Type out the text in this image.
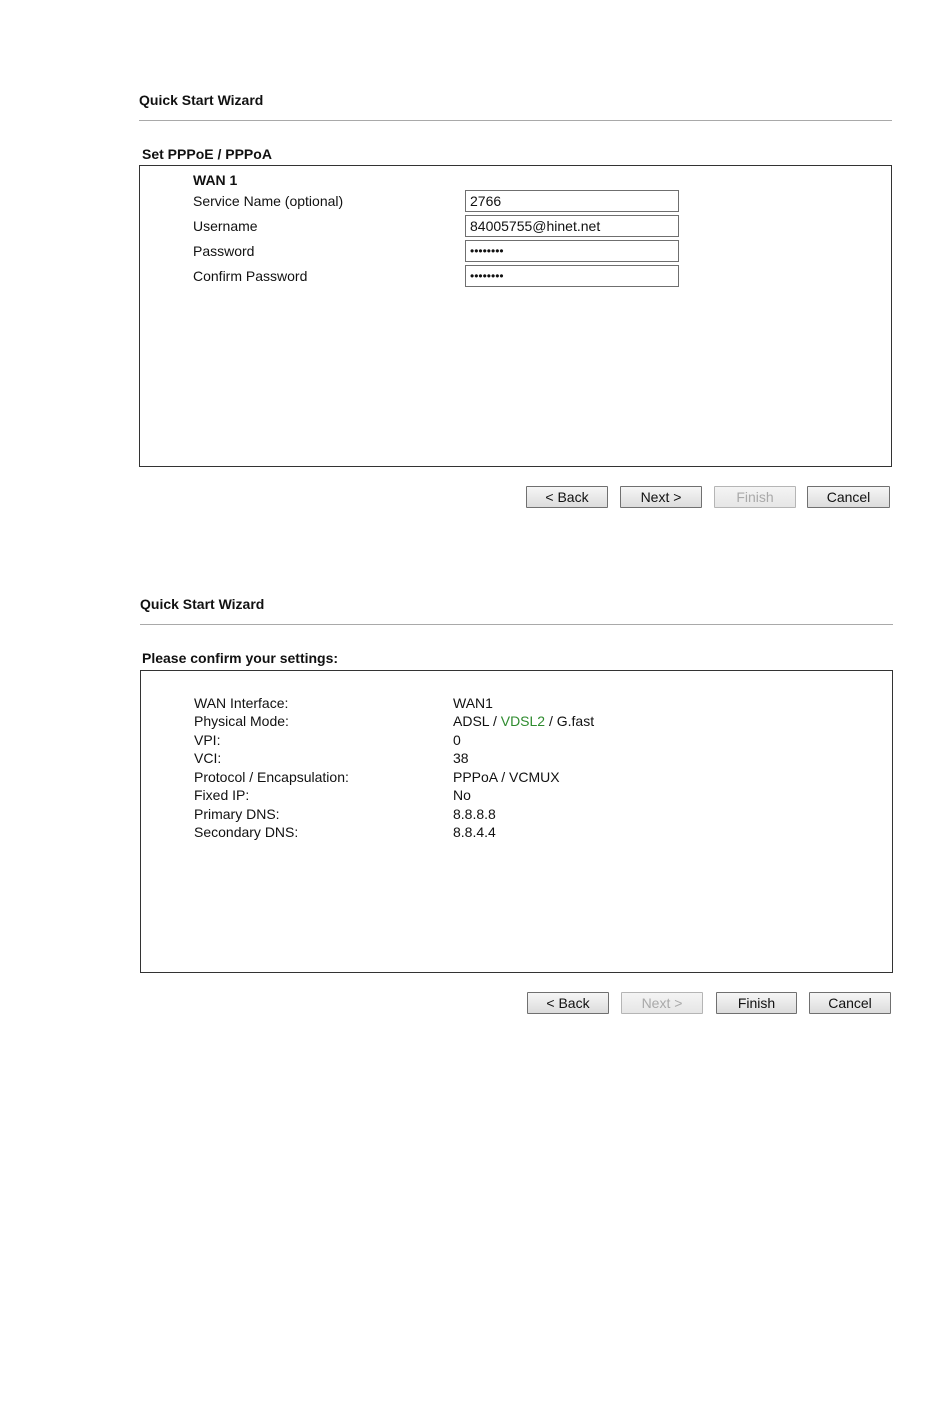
Quick Start Wizard
Set PPPoE / PPPoA
WAN 1
Service Name (optional)	2766
Username	84005755@hinet.net
Password	••••••••
Confirm Password	••••••••
< Back	Next >	Finish	Cancel
Quick Start Wizard
Please confirm your settings:
WAN Interface:	WAN1
Physical Mode:	ADSL / VDSL2 / G.fast
VPI:	0
VCI:	38
Protocol / Encapsulation:	PPPoA / VCMUX
Fixed IP:	No
Primary DNS:	8.8.8.8
Secondary DNS:	8.8.4.4
< Back	Next >	Finish	Cancel
